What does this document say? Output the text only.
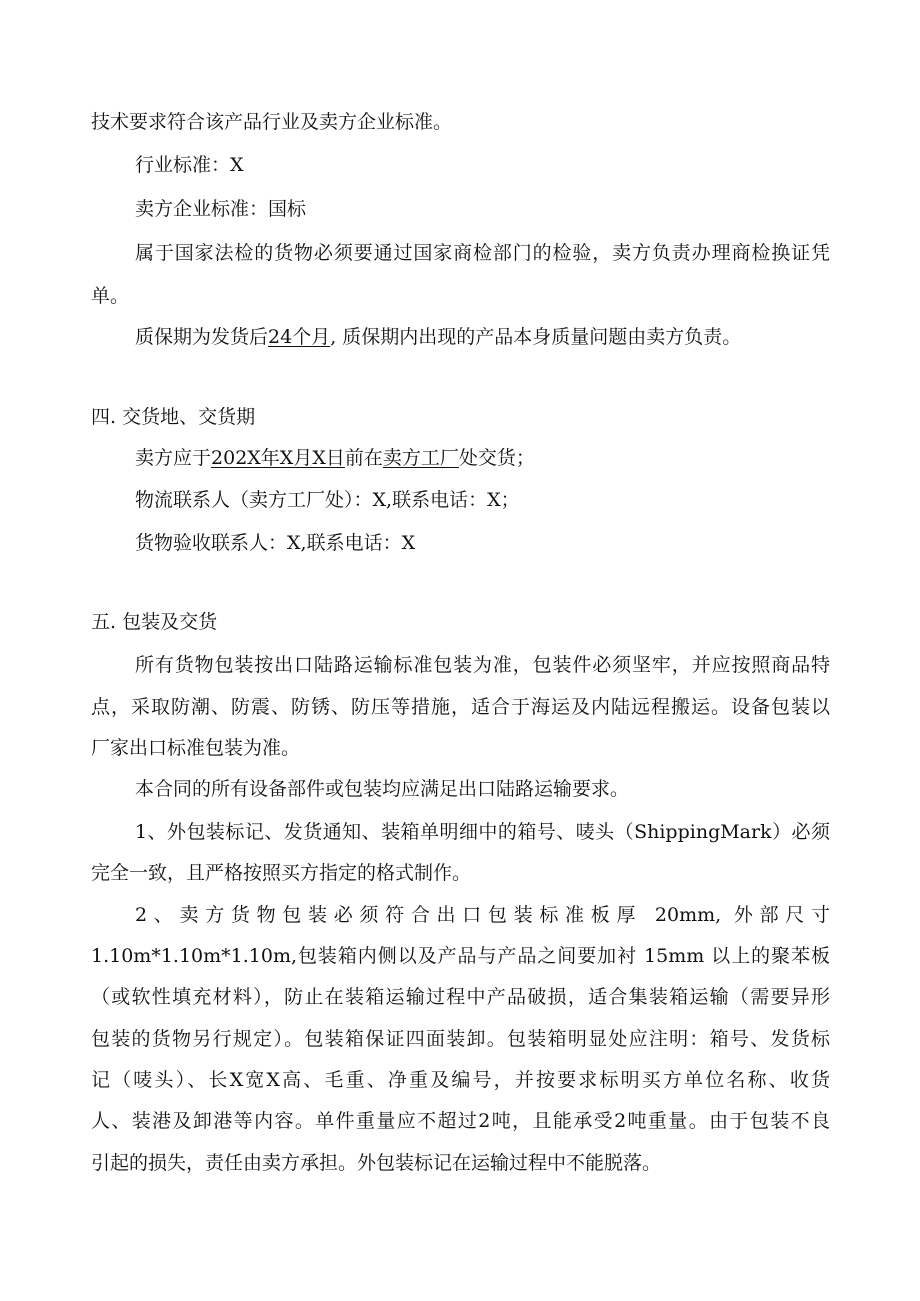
技术要求符合该产品行业及卖方企业标准。
行业标准：X
卖方企业标准：国标
属于国家法检的货物必须要通过国家商检部门的检验，卖方负责办理商检换证凭
单。
质保期为发货后24个月, 质保期内出现的产品本身质量问题由卖方负责。
四. 交货地、交货期
卖方应于202X年X月X日前在卖方工厂处交货；
物流联系人（卖方工厂处）：X,联系电话：X；
货物验收联系人：X,联系电话：X
五. 包装及交货
所有货物包装按出口陆路运输标准包装为准，包装件必须坚牢，并应按照商品特
点，采取防潮、防震、防锈、防压等措施，适合于海运及内陆远程搬运。设备包装以
厂家出口标准包装为准。
本合同的所有设备部件或包装均应满足出口陆路运输要求。
1、外包装标记、发货通知、装箱单明细中的箱号、唛头（ShippingMark）必须
完全一致，且严格按照买方指定的格式制作。
2、卖方货物包装必须符合出口包装标准板厚 20mm, 外部尺寸
1.10m*1.10m*1.10m,包装箱内侧以及产品与产品之间要加衬 15mm 以上的聚苯板
（或软性填充材料），防止在装箱运输过程中产品破损，适合集装箱运输（需要异形
包装的货物另行规定）。包装箱保证四面装卸。包装箱明显处应注明：箱号、发货标
记（唛头）、长X宽X高、毛重、净重及编号，并按要求标明买方单位名称、收货
人、装港及卸港等内容。单件重量应不超过2吨，且能承受2吨重量。由于包装不良
引起的损失，责任由卖方承担。外包装标记在运输过程中不能脱落。
